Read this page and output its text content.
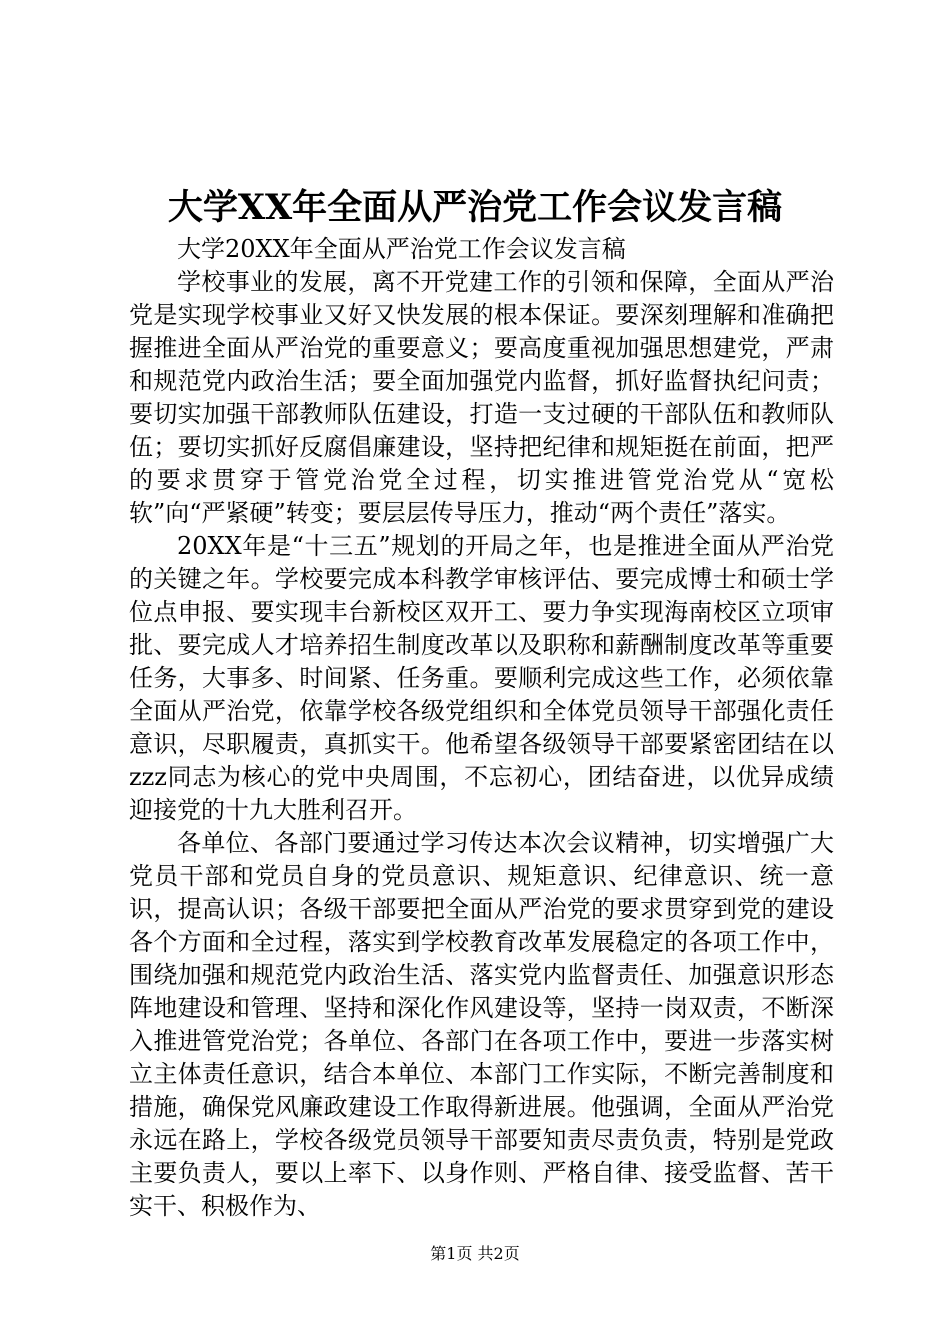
大学XX年全面从严治党工作会议发言稿

大学20XX年全面从严治党工作会议发言稿

学校事业的发展，离不开党建工作的引领和保障，全面从严治党是实现学校事业又好又快发展的根本保证。要深刻理解和准确把握推进全面从严治党的重要意义；要高度重视加强思想建党，严肃和规范党内政治生活；要全面加强党内监督，抓好监督执纪问责；要切实加强干部教师队伍建设，打造一支过硬的干部队伍和教师队伍；要切实抓好反腐倡廉建设，坚持把纪律和规矩挺在前面，把严的要求贯穿于管党治党全过程，切实推进管党治党从“宽松软”向“严紧硬”转变；要层层传导压力，推动“两个责任”落实。

20XX年是“十三五”规划的开局之年，也是推进全面从严治党的关键之年。学校要完成本科教学审核评估、要完成博士和硕士学位点申报、要实现丰台新校区双开工、要力争实现海南校区立项审批、要完成人才培养招生制度改革以及职称和薪酬制度改革等重要任务，大事多、时间紧、任务重。要顺利完成这些工作，必须依靠全面从严治党，依靠学校各级党组织和全体党员领导干部强化责任意识，尽职履责，真抓实干。他希望各级领导干部要紧密团结在以zzz同志为核心的党中央周围，不忘初心，团结奋进，以优异成绩迎接党的十九大胜利召开。

各单位、各部门要通过学习传达本次会议精神，切实增强广大党员干部和党员自身的党员意识、规矩意识、纪律意识、统一意识，提高认识；各级干部要把全面从严治党的要求贯穿到党的建设各个方面和全过程，落实到学校教育改革发展稳定的各项工作中，围绕加强和规范党内政治生活、落实党内监督责任、加强意识形态阵地建设和管理、坚持和深化作风建设等，坚持一岗双责，不断深入推进管党治党；各单位、各部门在各项工作中，要进一步落实树立主体责任意识，结合本单位、本部门工作实际，不断完善制度和措施，确保党风廉政建设工作取得新进展。他强调，全面从严治党永远在路上，学校各级党员领导干部要知责尽责负责，特别是党政主要负责人，要以上率下、以身作则、严格自律、接受监督、苦干实干、积极作为、

第1页 共2页
